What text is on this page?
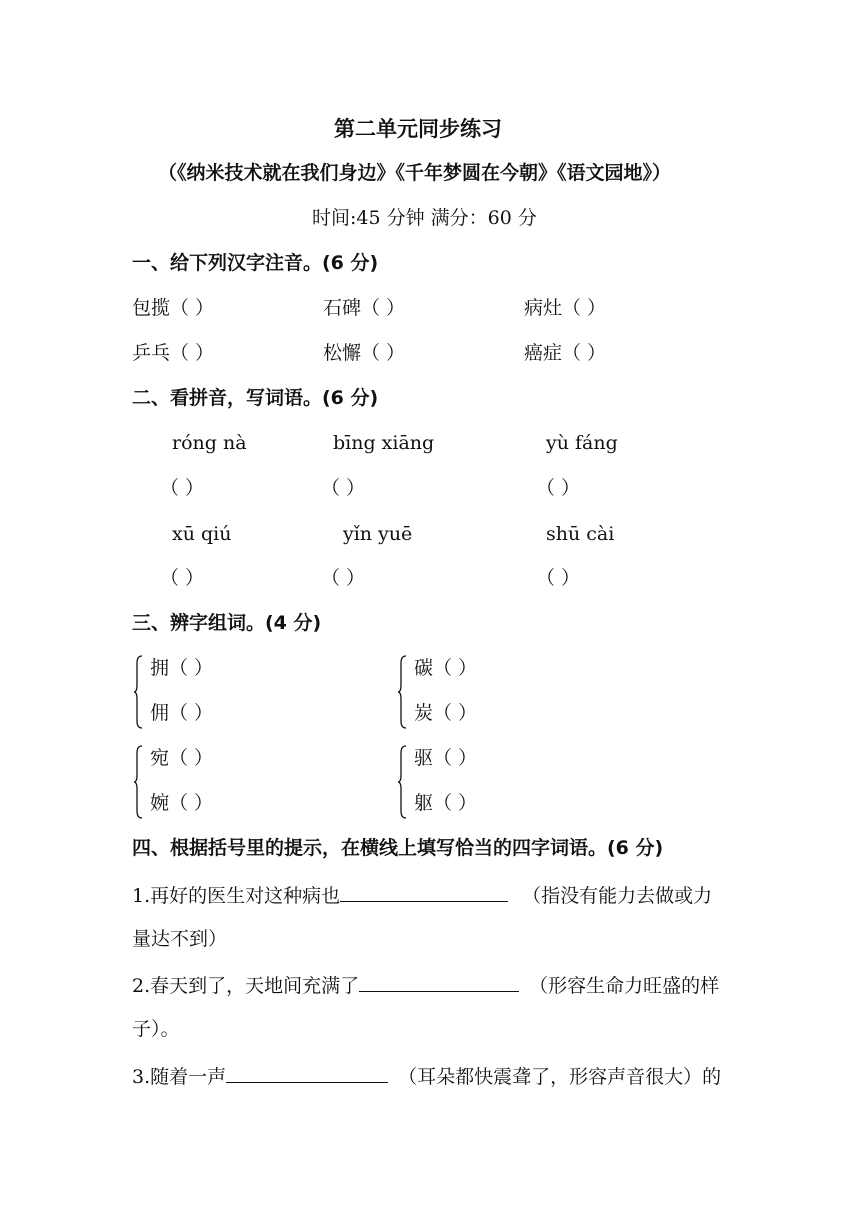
第二单元同步练习
（《纳米技术就在我们身边》《千年梦圆在今朝》《语文园地》）
时间:45 分钟 满分：60 分
一、给下列汉字注音。(6 分)
包揽（ ）	石碑（ ）	病灶（ ）
乒乓（ ）	松懈（ ）	癌症（ ）
二、看拼音，写词语。(6 分)
róng nà	bīng xiāng	yù fáng
（ ）	（ ）	（ ）
xū qiú	yǐn yuē	shū cài
（ ）	（ ）	（ ）
三、辨字组词。(4 分)
拥（ ）
佣（ ）
碳（ ）
炭（ ）
宛（ ）
婉（ ）
驱（ ）
躯（ ）
四、根据括号里的提示，在横线上填写恰当的四字词语。(6 分)
1.再好的医生对这种病也	（指没有能力去做或力
量达不到）
2.春天到了，天地间充满了	（形容生命力旺盛的样
子）。
3.随着一声	（耳朵都快震聋了，形容声音很大）的
